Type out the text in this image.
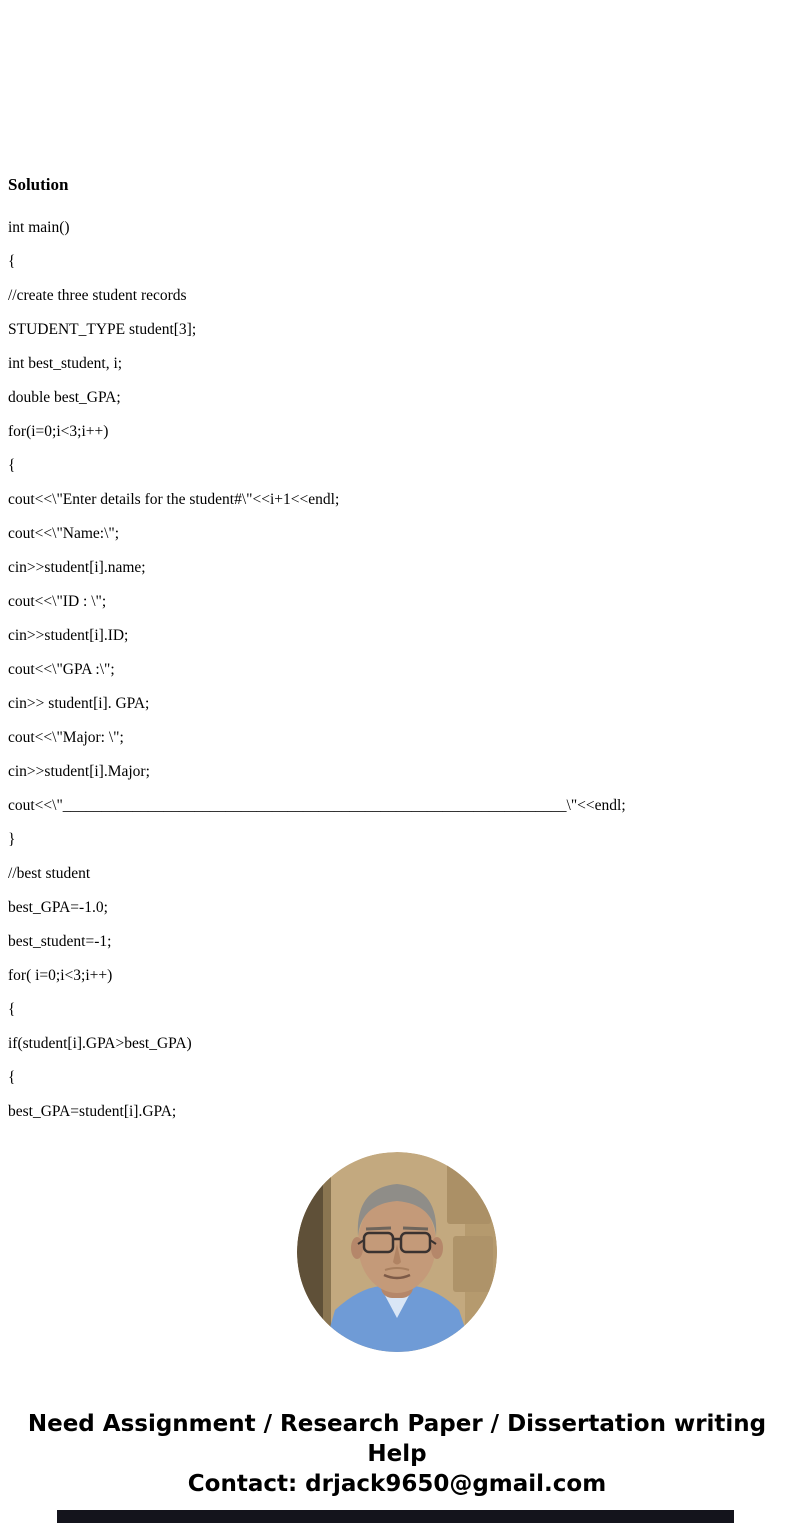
Solution

int main()

{

//create three student records

STUDENT_TYPE student[3];

int best_student, i;

double best_GPA;

for(i=0;i<3;i++)

{

cout<<\"Enter details for the student#\"<<i+1<<endl;

cout<<\"Name:\";

cin>>student[i].name;

cout<<\"ID : \";

cin>>student[i].ID;

cout<<\"GPA :\";

cin>> student[i]. GPA;

cout<<\"Major: \";

cin>>student[i].Major;

cout<<\"_________________________________________________________________\"<<endl;

}

//best student

best_GPA=-1.0;

best_student=-1;

for( i=0;i<3;i++)

{

if(student[i].GPA>best_GPA)

{

best_GPA=student[i].GPA;

Need Assignment / Research Paper / Dissertation writing Help
Contact: drjack9650@gmail.com
